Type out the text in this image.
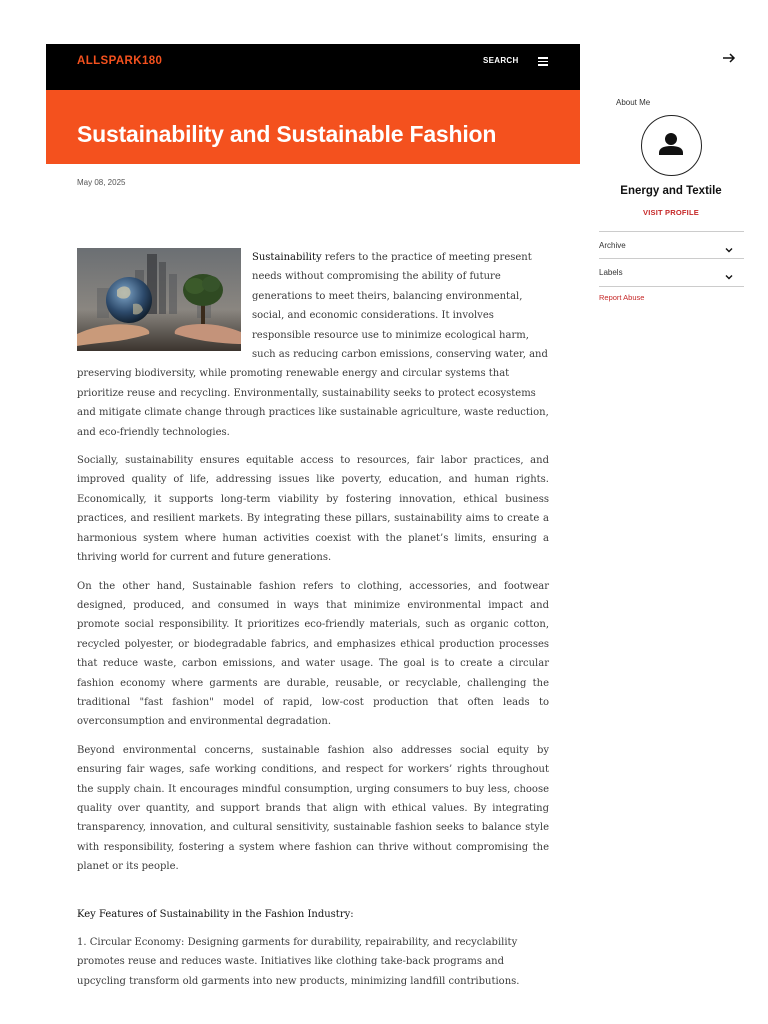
ALLSPARK180	SEARCH
Sustainability and Sustainable Fashion
May 08, 2025

Sustainability refers to the practice of meeting present needs without compromising the ability of future generations to meet theirs, balancing environmental, social, and economic considerations. It involves responsible resource use to minimize ecological harm, such as reducing carbon emissions, conserving water, and preserving biodiversity, while promoting renewable energy and circular systems that prioritize reuse and recycling. Environmentally, sustainability seeks to protect ecosystems and mitigate climate change through practices like sustainable agriculture, waste reduction, and eco-friendly technologies.

Socially, sustainability ensures equitable access to resources, fair labor practices, and improved quality of life, addressing issues like poverty, education, and human rights. Economically, it supports long-term viability by fostering innovation, ethical business practices, and resilient markets. By integrating these pillars, sustainability aims to create a harmonious system where human activities coexist with the planet’s limits, ensuring a thriving world for current and future generations.

On the other hand, Sustainable fashion refers to clothing, accessories, and footwear designed, produced, and consumed in ways that minimize environmental impact and promote social responsibility. It prioritizes eco-friendly materials, such as organic cotton, recycled polyester, or biodegradable fabrics, and emphasizes ethical production processes that reduce waste, carbon emissions, and water usage. The goal is to create a circular fashion economy where garments are durable, reusable, or recyclable, challenging the traditional "fast fashion" model of rapid, low-cost production that often leads to overconsumption and environmental degradation.

Beyond environmental concerns, sustainable fashion also addresses social equity by ensuring fair wages, safe working conditions, and respect for workers’ rights throughout the supply chain. It encourages mindful consumption, urging consumers to buy less, choose quality over quantity, and support brands that align with ethical values. By integrating transparency, innovation, and cultural sensitivity, sustainable fashion seeks to balance style with responsibility, fostering a system where fashion can thrive without compromising the planet or its people.

Key Features of Sustainability in the Fashion Industry:

1. Circular Economy: Designing garments for durability, repairability, and recyclability promotes reuse and reduces waste. Initiatives like clothing take-back programs and upcycling transform old garments into new products, minimizing landfill contributions.

About Me
Energy and Textile
VISIT PROFILE
Archive
Labels
Report Abuse
